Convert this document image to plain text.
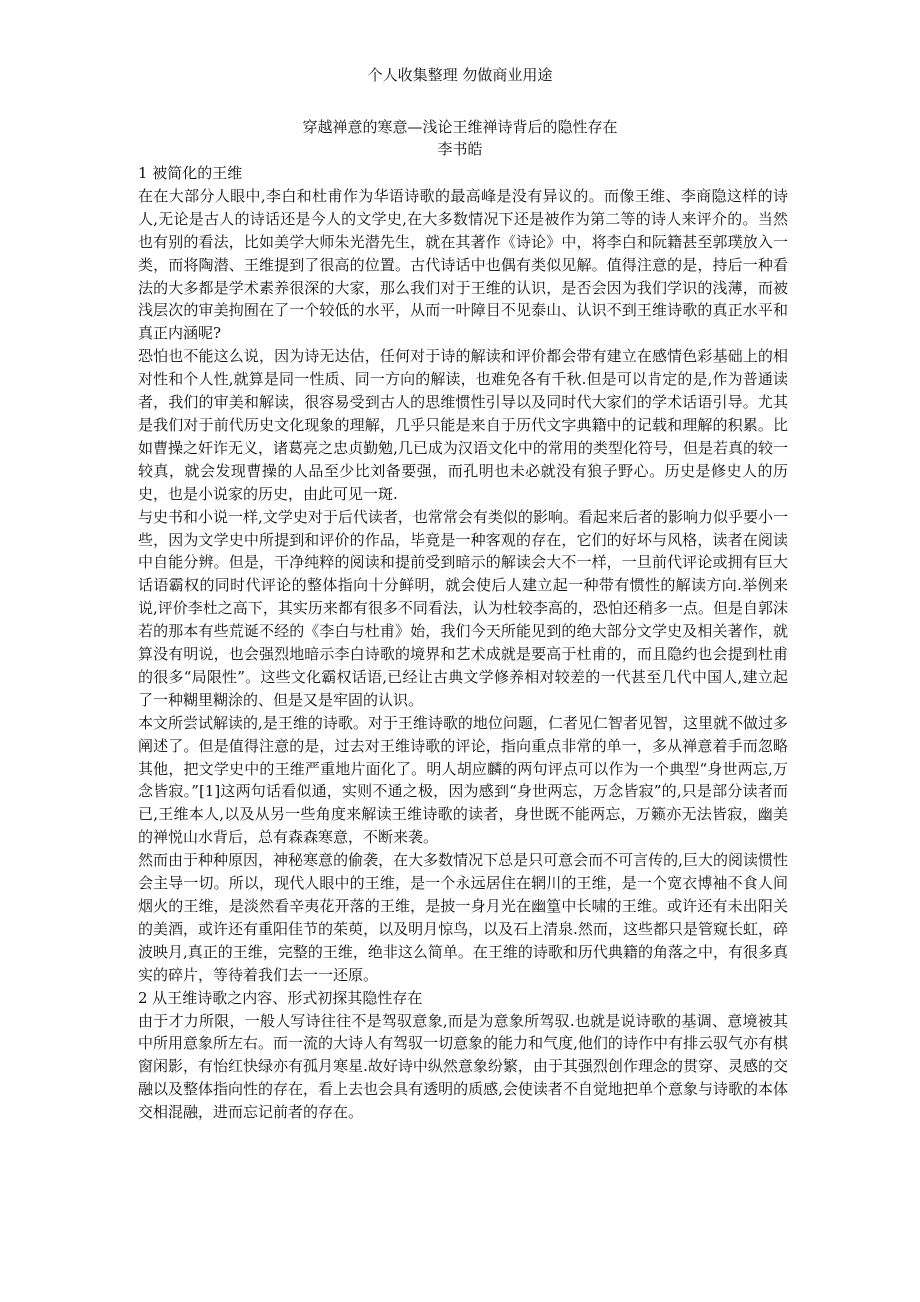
个人收集整理 勿做商业用途
穿越禅意的寒意—浅论王维禅诗背后的隐性存在
李书皓

1 被简化的王维

在在大部分人眼中,李白和杜甫作为华语诗歌的最高峰是没有异议的。而像王维、李商隐这样的诗人,无论是古人的诗话还是今人的文学史,在大多数情况下还是被作为第二等的诗人来评介的。当然也有别的看法，比如美学大师朱光潜先生，就在其著作《诗论》中，将李白和阮籍甚至郭璞放入一类，而将陶潜、王维提到了很高的位置。古代诗话中也偶有类似见解。值得注意的是，持后一种看法的大多都是学术素养很深的大家，那么我们对于王维的认识，是否会因为我们学识的浅薄，而被浅层次的审美拘囿在了一个较低的水平，从而一叶障目不见泰山、认识不到王维诗歌的真正水平和真正内涵呢?

恐怕也不能这么说，因为诗无达估，任何对于诗的解读和评价都会带有建立在感情色彩基础上的相对性和个人性,就算是同一性质、同一方向的解读，也难免各有千秋.但是可以肯定的是,作为普通读者，我们的审美和解读，很容易受到古人的思维惯性引导以及同时代大家们的学术话语引导。尤其是我们对于前代历史文化现象的理解，几乎只能是来自于历代文字典籍中的记载和理解的积累。比如曹操之奸诈无义，诸葛亮之忠贞勤勉,几已成为汉语文化中的常用的类型化符号，但是若真的较一较真，就会发现曹操的人品至少比刘备要强，而孔明也未必就没有狼子野心。历史是修史人的历史，也是小说家的历史，由此可见一斑.

与史书和小说一样,文学史对于后代读者，也常常会有类似的影响。看起来后者的影响力似乎要小一些，因为文学史中所提到和评价的作品，毕竟是一种客观的存在，它们的好坏与风格，读者在阅读中自能分辨。但是，干净纯粹的阅读和提前受到暗示的解读会大不一样，一旦前代评论或拥有巨大话语霸权的同时代评论的整体指向十分鲜明，就会使后人建立起一种带有惯性的解读方向.举例来说,评价李杜之高下，其实历来都有很多不同看法，认为杜较李高的，恐怕还稍多一点。但是自郭沫若的那本有些荒诞不经的《李白与杜甫》始，我们今天所能见到的绝大部分文学史及相关著作，就算没有明说，也会强烈地暗示李白诗歌的境界和艺术成就是要高于杜甫的，而且隐约也会提到杜甫的很多“局限性”。这些文化霸权话语,已经让古典文学修养相对较差的一代甚至几代中国人,建立起了一种糊里糊涂的、但是又是牢固的认识。

本文所尝试解读的,是王维的诗歌。对于王维诗歌的地位问题，仁者见仁智者见智，这里就不做过多阐述了。但是值得注意的是，过去对王维诗歌的评论，指向重点非常的单一，多从禅意着手而忽略其他，把文学史中的王维严重地片面化了。明人胡应麟的两句评点可以作为一个典型“身世两忘,万念皆寂。”[1]这两句话看似通，实则不通之极，因为感到“身世两忘，万念皆寂”的,只是部分读者而已,王维本人,以及从另一些角度来解读王维诗歌的读者，身世既不能两忘，万籁亦无法皆寂，幽美的禅悦山水背后，总有森森寒意，不断来袭。

然而由于种种原因，神秘寒意的偷袭，在大多数情况下总是只可意会而不可言传的,巨大的阅读惯性会主导一切。所以，现代人眼中的王维，是一个永远居住在辋川的王维，是一个宽衣博袖不食人间烟火的王维，是淡然看辛夷花开落的王维，是披一身月光在幽篁中长啸的王维。或许还有未出阳关的美酒，或许还有重阳佳节的茱萸，以及明月惊鸟，以及石上清泉.然而，这些都只是管窥长虹，碎波映月,真正的王维，完整的王维，绝非这么简单。在王维的诗歌和历代典籍的角落之中，有很多真实的碎片，等待着我们去一一还原。

2 从王维诗歌之内容、形式初探其隐性存在

由于才力所限，一般人写诗往往不是驾驭意象,而是为意象所驾驭.也就是说诗歌的基调、意境被其中所用意象所左右。而一流的大诗人有驾驭一切意象的能力和气度,他们的诗作中有排云驭气亦有棋窗闲影，有怡红快绿亦有孤月寒星.故好诗中纵然意象纷繁，由于其强烈创作理念的贯穿、灵感的交融以及整体指向性的存在，看上去也会具有透明的质感,会使读者不自觉地把单个意象与诗歌的本体交相混融，进而忘记前者的存在。
